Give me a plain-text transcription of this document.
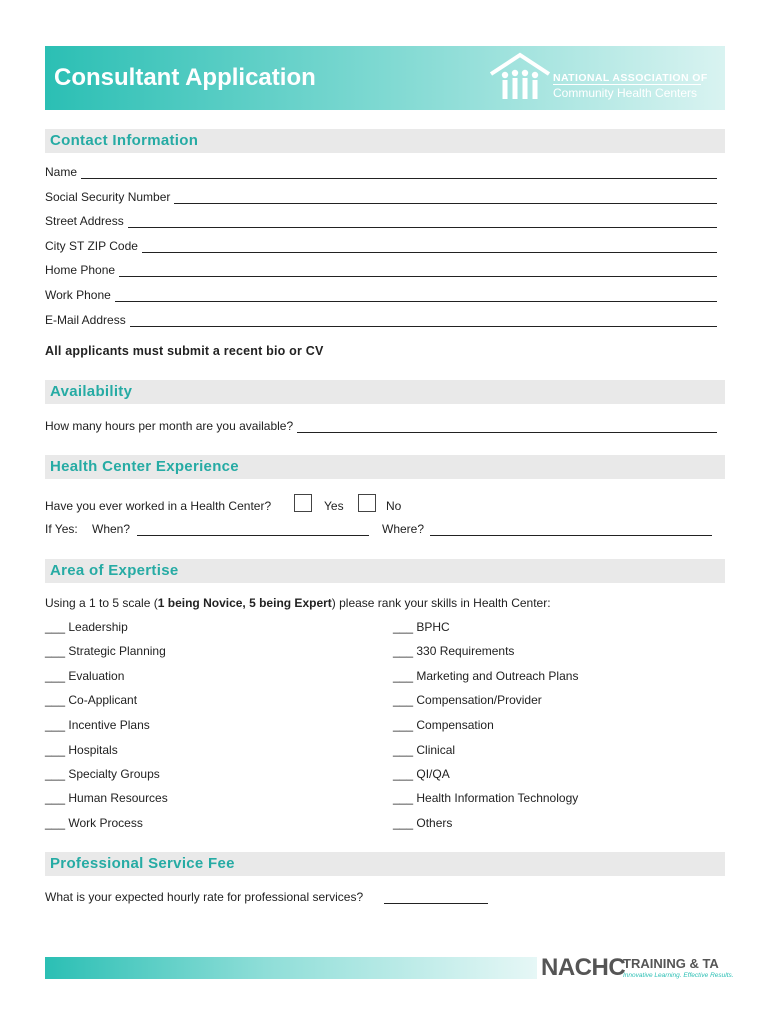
Consultant Application	NATIONAL ASSOCIATION OF
Community Health Centers
Contact Information
Name
Social Security Number
Street Address
City ST ZIP Code
Home Phone
Work Phone
E-Mail Address
All applicants must submit a recent bio or CV
Availability
How many hours per month are you available?
Health Center Experience
Have you ever worked in a Health Center?	Yes	No
If Yes: When?	Where?
Area of Expertise
Using a 1 to 5 scale (1 being Novice, 5 being Expert) please rank your skills in Health Center:
___ Leadership
___ Strategic Planning
___ Evaluation
___ Co-Applicant
___ Incentive Plans
___ Hospitals
___ Specialty Groups
___ Human Resources
___ Work Process
___ BPHC
___ 330 Requirements
___ Marketing and Outreach Plans
___ Compensation/Provider
___ Compensation
___ Clinical
___ QI/QA
___ Health Information Technology
___ Others
Professional Service Fee
What is your expected hourly rate for professional services?
NACHC
TRAINING & TA
Innovative Learning. Effective Results.
